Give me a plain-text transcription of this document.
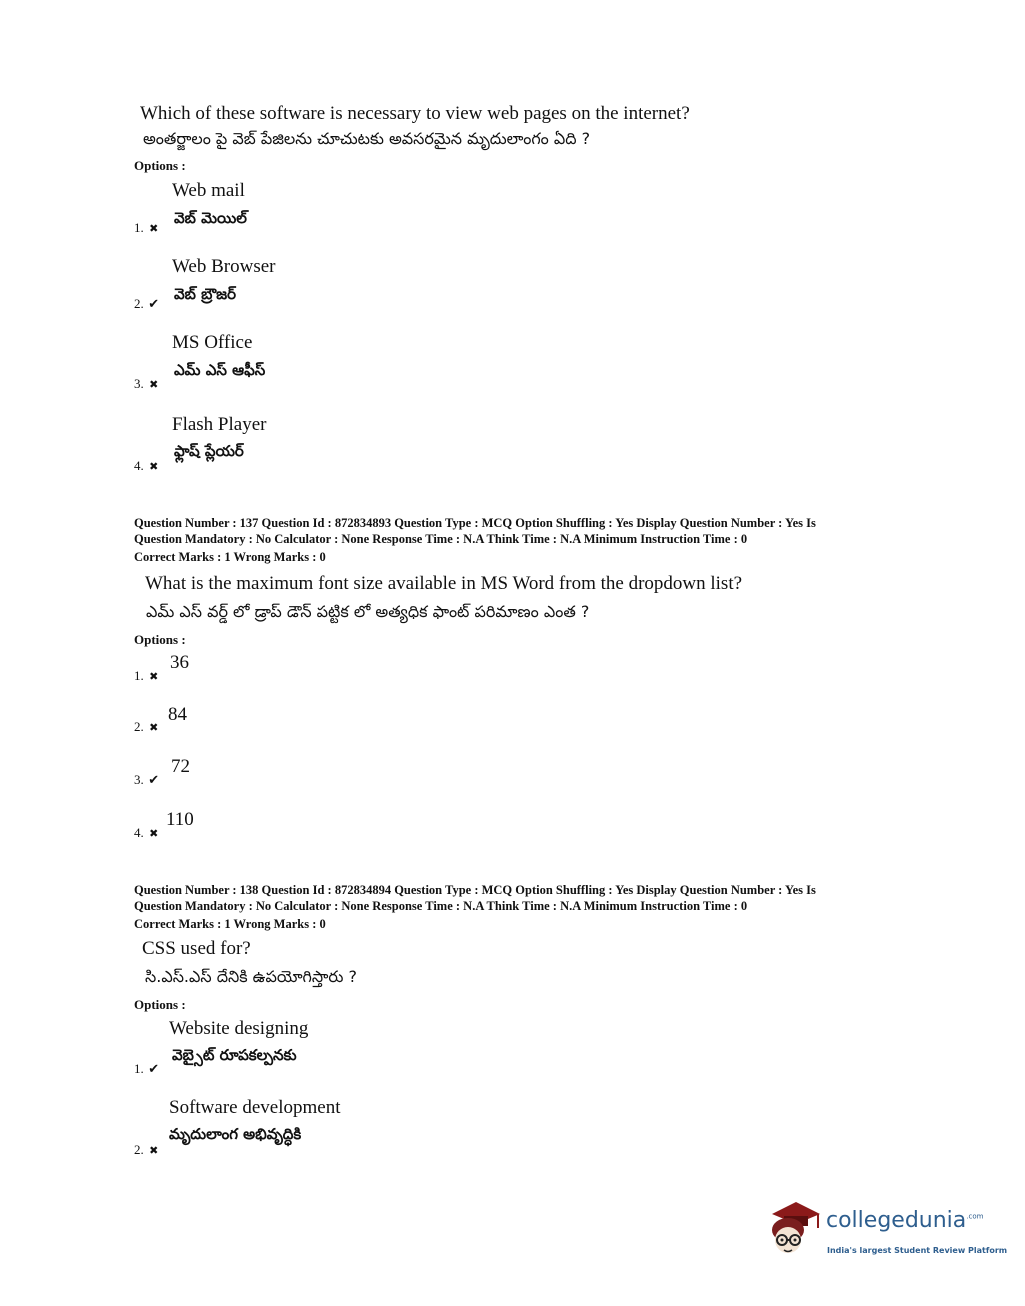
Which of these software is necessary to view web pages on the internet?
అంతర్జాలం పై వెబ్ పేజిలను చూచుటకు అవసరమైన మృదులాంగం ఏది ?
Options :
Web mail
వెబ్ మెయిల్
1. ✖
Web Browser
వెబ్ బ్రౌజర్
2. ✔
MS Office
ఎమ్ ఎస్ ఆఫీస్
3. ✖
Flash Player
ఫ్లాష్ ప్లేయర్
4. ✖
Question Number : 137 Question Id : 872834893 Question Type : MCQ Option Shuffling : Yes Display Question Number : Yes Is
Question Mandatory : No Calculator : None Response Time : N.A Think Time : N.A Minimum Instruction Time : 0
Correct Marks : 1 Wrong Marks : 0
What is the maximum font size available in MS Word from the dropdown list?
ఎమ్ ఎస్ వర్డ్ లో డ్రాప్ డౌన్ పట్టిక లో అత్యధిక ఫాంట్ పరిమాణం ఎంత ?
Options :
1. ✖
36
2. ✖
84
3. ✔
72
4. ✖
110
Question Number : 138 Question Id : 872834894 Question Type : MCQ Option Shuffling : Yes Display Question Number : Yes Is
Question Mandatory : No Calculator : None Response Time : N.A Think Time : N.A Minimum Instruction Time : 0
Correct Marks : 1 Wrong Marks : 0
CSS used for?
సి.ఎస్.ఎస్ దేనికి ఉపయోగిస్తారు ?
Options :
Website designing
వెబ్సైట్ రూపకల్పనకు
1. ✔
Software development
మృదులాంగ అభివృద్ధికి
2. ✖
collegedunia$^{.com}$
India's largest Student Review Platform
